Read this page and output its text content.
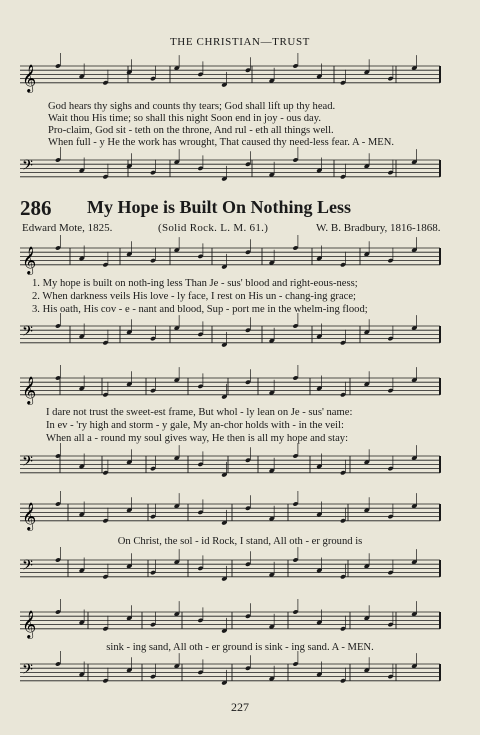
THE CHRISTIAN—TRUST
𝄞
𝄢
𝄞
𝄢
𝄞
𝄢
𝄞
𝄢
𝄞
𝄢
God hears thy sighs and counts thy tears; God shall lift up thy head.
Wait thou His time; so shall this night Soon end in joy - ous day.
Pro-claim, God sit - teth on the throne, And rul - eth all things well.
When full - y He the work has wrought, That caused thy need-less fear. A - MEN.
286 My Hope is Built On Nothing Less
Edward Mote, 1825.	(Solid Rock. L. M. 61.)	W. B. Bradbury, 1816-1868.
1. My hope is built on noth-ing less Than Je - sus' blood and right-eous-ness;
2. When darkness veils His love - ly face, I rest on His un - chang-ing grace;
3. His oath, His cov - e - nant and blood, Sup - port me in the whelm-ing flood;
I dare not trust the sweet-est frame, But whol - ly lean on Je - sus' name:
In ev - 'ry high and storm - y gale, My an-chor holds with - in the veil:
When all a - round my soul gives way, He then is all my hope and stay:
On Christ, the sol - id Rock, I stand, All oth - er ground is
sink - ing sand, All oth - er ground is sink - ing sand. A - MEN.
227
